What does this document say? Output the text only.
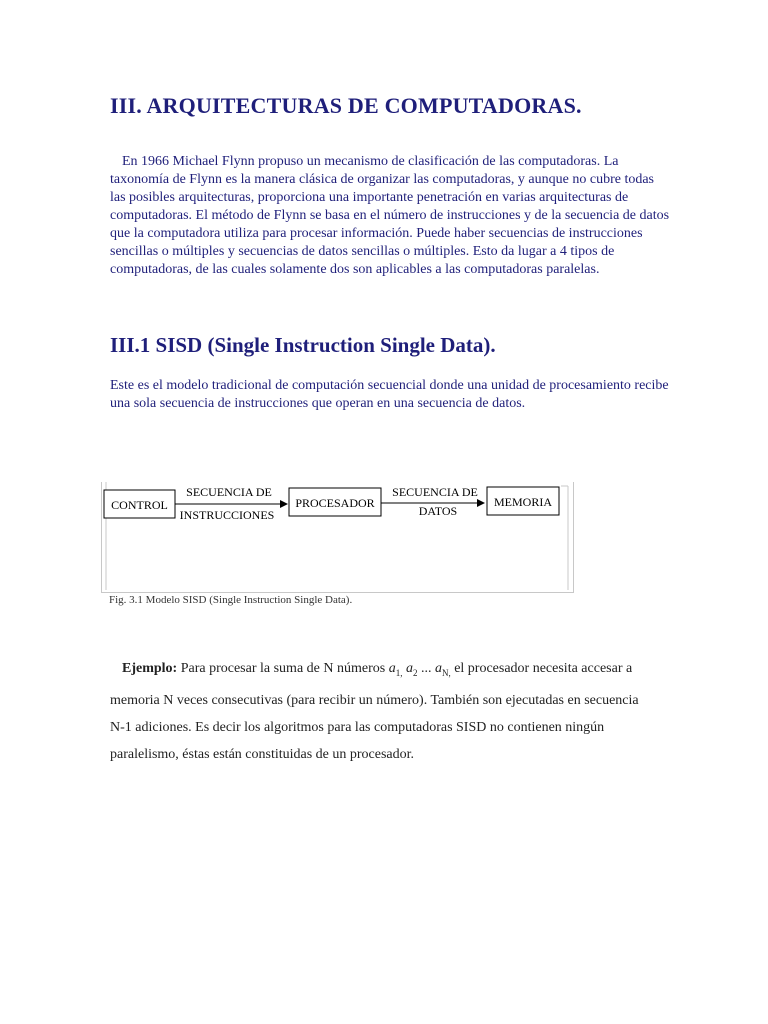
III. ARQUITECTURAS DE COMPUTADORAS.

En 1966 Michael Flynn propuso un mecanismo de clasificación de las computadoras. La taxonomía de Flynn es la manera clásica de organizar las computadoras, y aunque no cubre todas las posibles arquitecturas, proporciona una importante penetración en varias arquitecturas de computadoras. El método de Flynn se basa en el número de instrucciones y de la secuencia de datos que la computadora utiliza para procesar información. Puede haber secuencias de instrucciones sencillas o múltiples y secuencias de datos sencillas o múltiples. Esto da lugar a 4 tipos de computadoras, de las cuales solamente dos son aplicables a las computadoras paralelas.

III.1 SISD (Single Instruction Single Data).

Este es el modelo tradicional de computación secuencial donde una unidad de procesamiento recibe una sola secuencia de instrucciones que operan en una secuencia de datos.

CONTROL
SECUENCIA DE
INSTRUCCIONES
PROCESADOR
SECUENCIA DE
DATOS
MEMORIA

Fig. 3.1 Modelo SISD (Single Instruction Single Data).

Ejemplo: Para procesar la suma de N números $a_{1,}$ $a_2$ ... $a_{N,}$ el procesador necesita accesar a memoria N veces consecutivas (para recibir un número). También son ejecutadas en secuencia N-1 adiciones. Es decir los algoritmos para las computadoras SISD no contienen ningún paralelismo, éstas están constituidas de un procesador.
